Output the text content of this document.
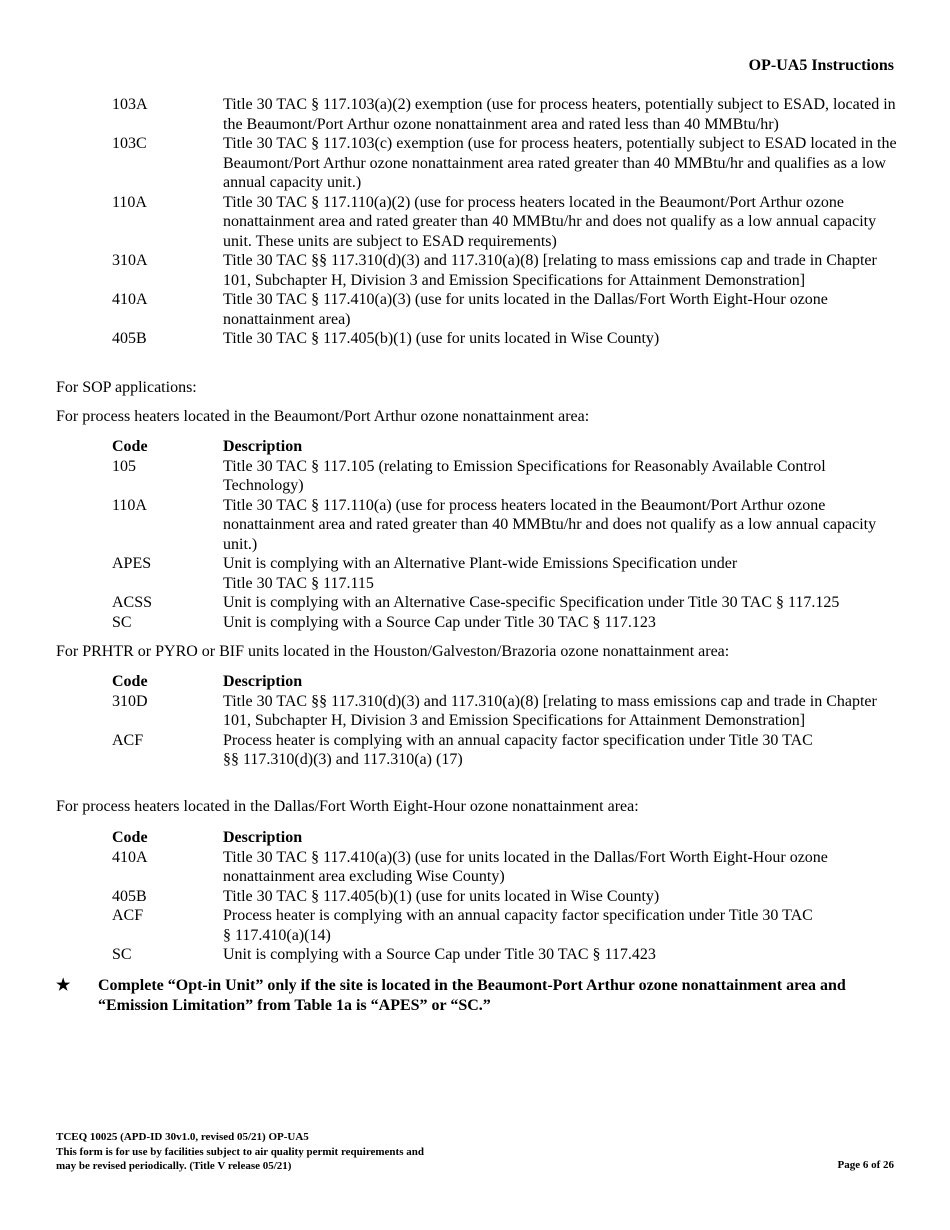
OP-UA5 Instructions
103A	Title 30 TAC § 117.103(a)(2) exemption (use for process heaters, potentially subject to ESAD, located in the Beaumont/Port Arthur ozone nonattainment area and rated less than 40 MMBtu/hr)
103C	Title 30 TAC § 117.103(c) exemption (use for process heaters, potentially subject to ESAD located in the Beaumont/Port Arthur ozone nonattainment area rated greater than 40 MMBtu/hr and qualifies as a low annual capacity unit.)
110A	Title 30 TAC § 117.110(a)(2) (use for process heaters located in the Beaumont/Port Arthur ozone nonattainment area and rated greater than 40 MMBtu/hr and does not qualify as a low annual capacity unit. These units are subject to ESAD requirements)
310A	Title 30 TAC §§ 117.310(d)(3) and 117.310(a)(8) [relating to mass emissions cap and trade in Chapter 101, Subchapter H, Division 3 and Emission Specifications for Attainment Demonstration]
410A	Title 30 TAC § 117.410(a)(3) (use for units located in the Dallas/Fort Worth Eight-Hour ozone nonattainment area)
405B	Title 30 TAC § 117.405(b)(1) (use for units located in Wise County)
For SOP applications:
For process heaters located in the Beaumont/Port Arthur ozone nonattainment area:
Code	Description
105	Title 30 TAC § 117.105 (relating to Emission Specifications for Reasonably Available Control Technology)
110A	Title 30 TAC § 117.110(a) (use for process heaters located in the Beaumont/Port Arthur ozone nonattainment area and rated greater than 40 MMBtu/hr and does not qualify as a low annual capacity unit.)
APES	Unit is complying with an Alternative Plant-wide Emissions Specification under
Title 30 TAC § 117.115
ACSS	Unit is complying with an Alternative Case-specific Specification under Title 30 TAC § 117.125
SC	Unit is complying with a Source Cap under Title 30 TAC § 117.123
For PRHTR or PYRO or BIF units located in the Houston/Galveston/Brazoria ozone nonattainment area:
Code	Description
310D	Title 30 TAC §§ 117.310(d)(3) and 117.310(a)(8) [relating to mass emissions cap and trade in Chapter 101, Subchapter H, Division 3 and Emission Specifications for Attainment Demonstration]
ACF	Process heater is complying with an annual capacity factor specification under Title 30 TAC
§§ 117.310(d)(3) and 117.310(a) (17)
For process heaters located in the Dallas/Fort Worth Eight-Hour ozone nonattainment area:
Code	Description
410A	Title 30 TAC § 117.410(a)(3) (use for units located in the Dallas/Fort Worth Eight-Hour ozone nonattainment area excluding Wise County)
405B	Title 30 TAC § 117.405(b)(1) (use for units located in Wise County)
ACF	Process heater is complying with an annual capacity factor specification under Title 30 TAC
§ 117.410(a)(14)
SC	Unit is complying with a Source Cap under Title 30 TAC § 117.423
★	Complete “Opt-in Unit” only if the site is located in the Beaumont-Port Arthur ozone nonattainment area and “Emission Limitation” from Table 1a is “APES” or “SC.”
TCEQ 10025 (APD-ID 30v1.0, revised 05/21) OP-UA5
This form is for use by facilities subject to air quality permit requirements and
may be revised periodically. (Title V release 05/21)	Page 6 of 26
